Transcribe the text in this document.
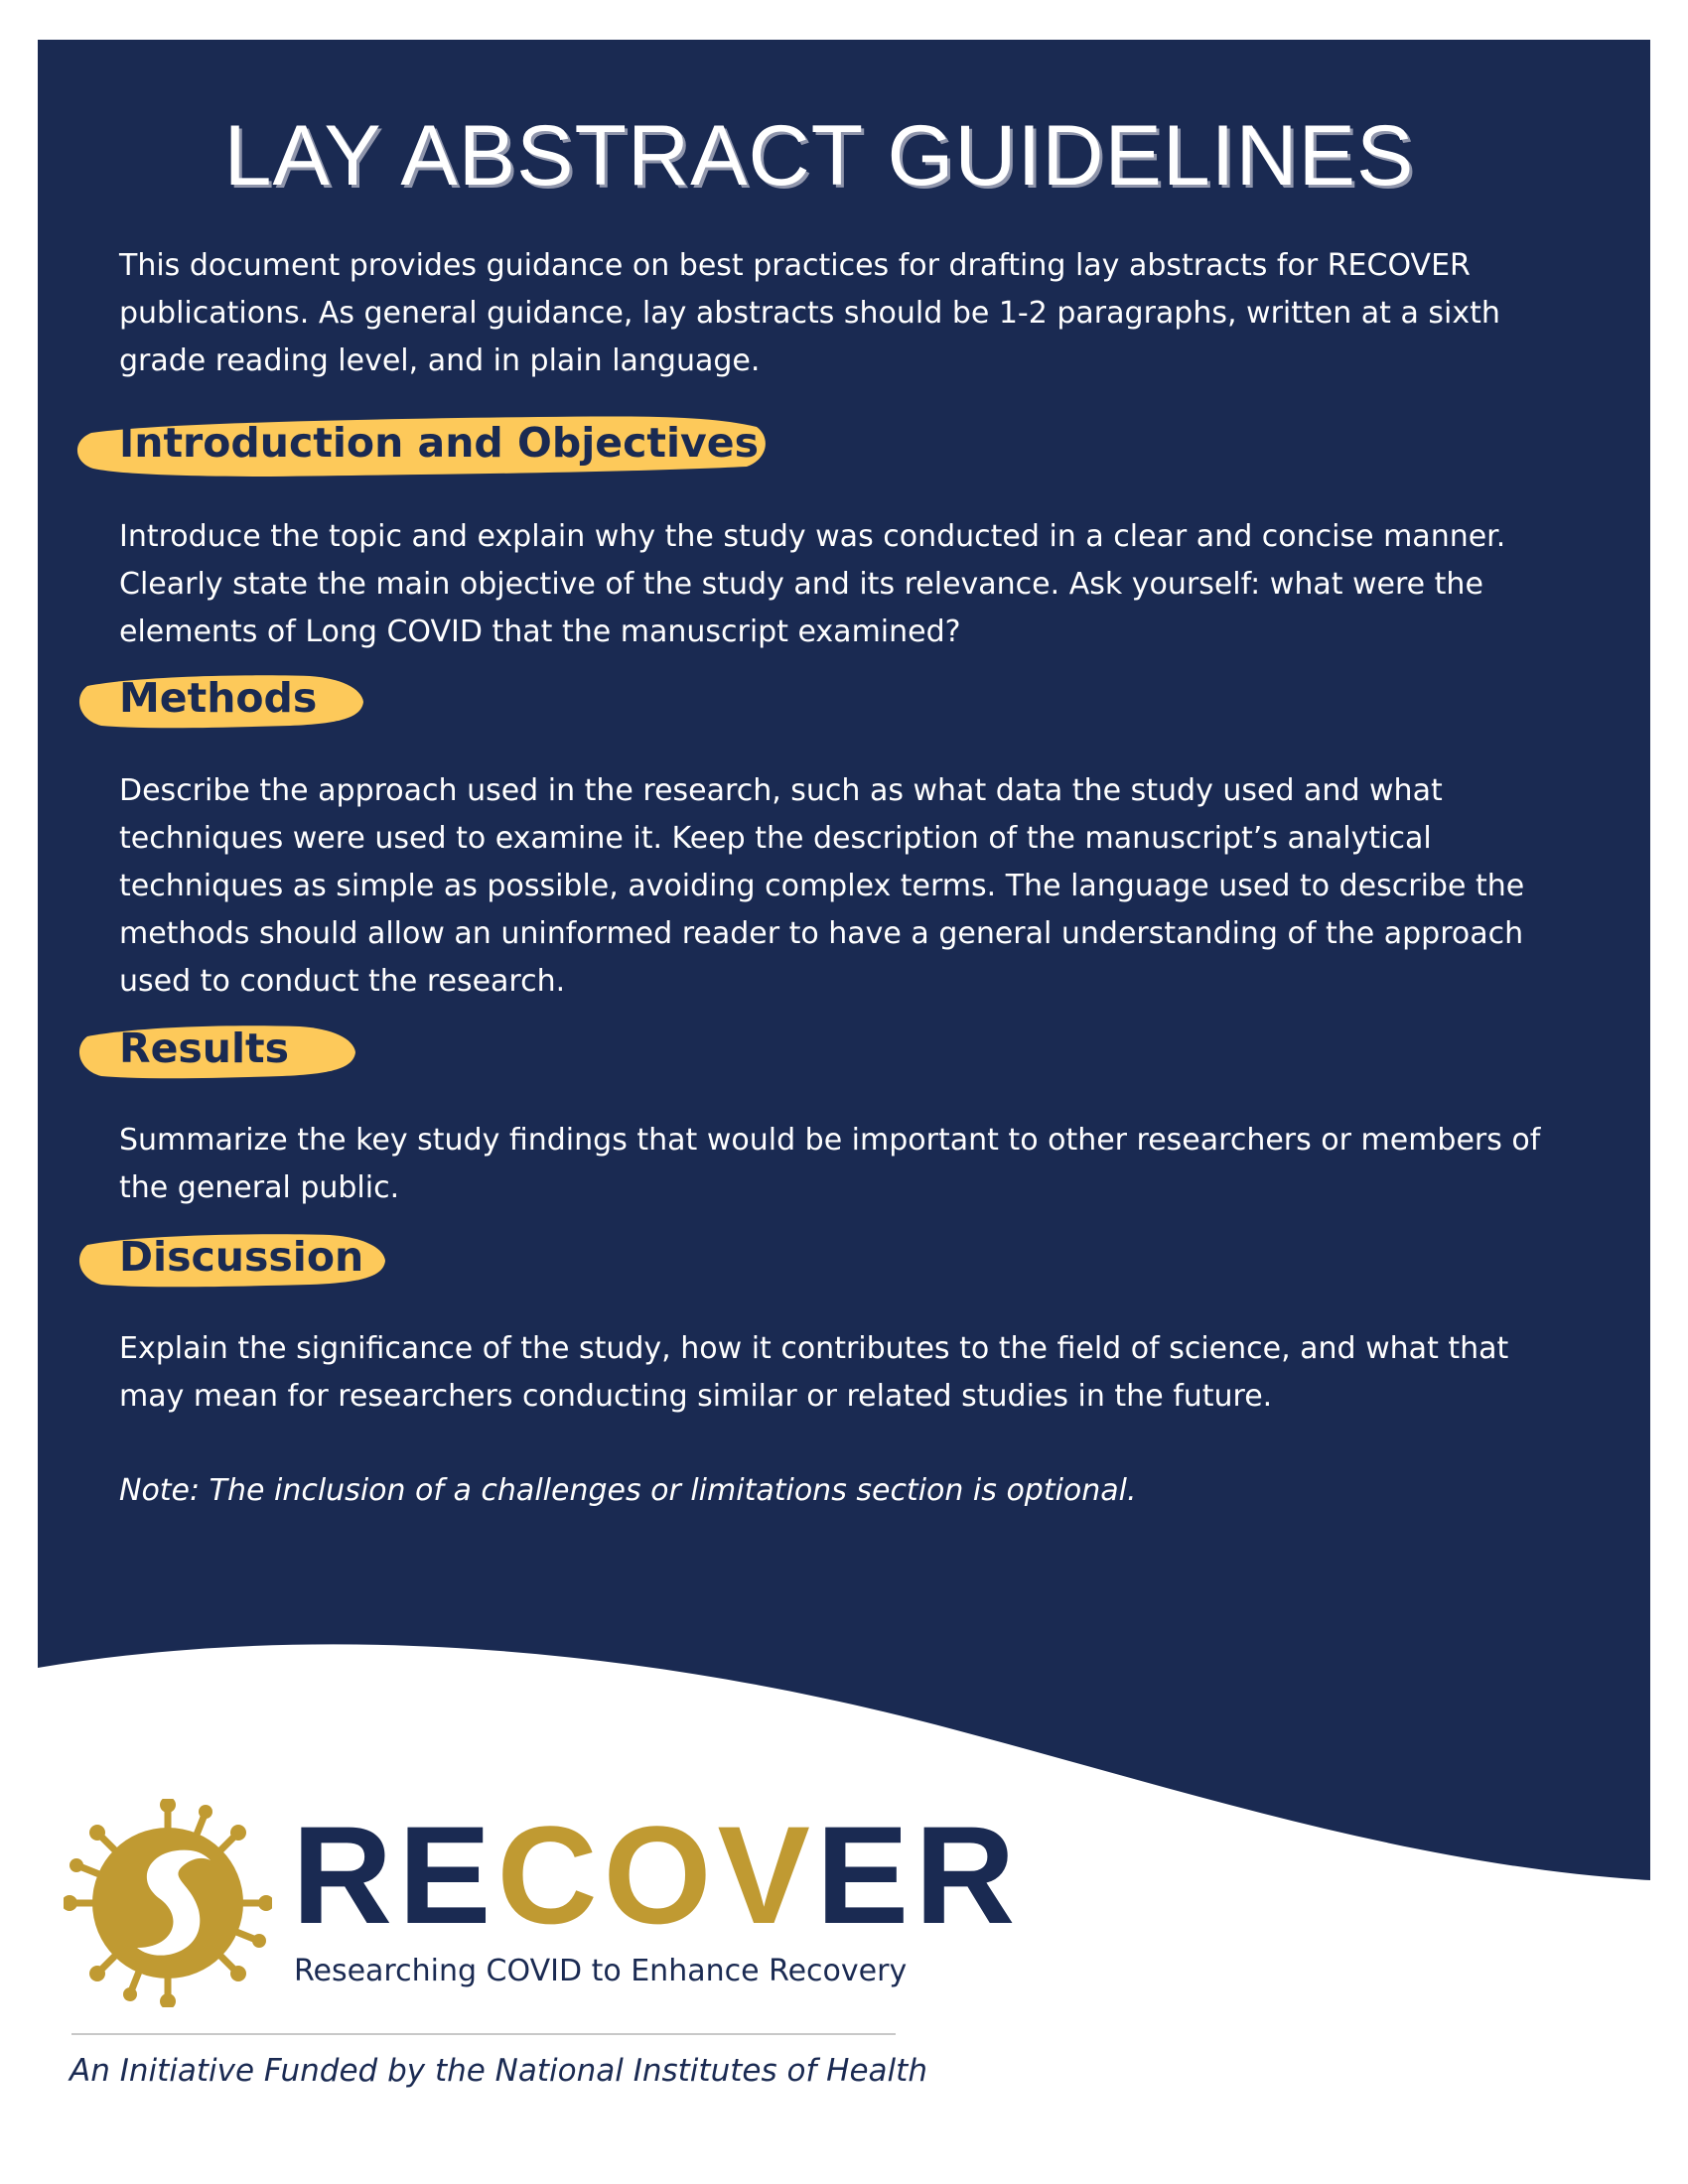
LAY ABSTRACT GUIDELINES

This document provides guidance on best practices for drafting lay abstracts for RECOVER publications. As general guidance, lay abstracts should be 1-2 paragraphs, written at a sixth grade reading level, and in plain language.

Introduction and Objectives

Introduce the topic and explain why the study was conducted in a clear and concise manner. Clearly state the main objective of the study and its relevance. Ask yourself: what were the elements of Long COVID that the manuscript examined?

Methods

Describe the approach used in the research, such as what data the study used and what techniques were used to examine it. Keep the description of the manuscript’s analytical techniques as simple as possible, avoiding complex terms. The language used to describe the methods should allow an uninformed reader to have a general understanding of the approach used to conduct the research.

Results

Summarize the key study findings that would be important to other researchers or members of the general public.

Discussion

Explain the significance of the study, how it contributes to the field of science, and what that may mean for researchers conducting similar or related studies in the future.

Note: The inclusion of a challenges or limitations section is optional.

RECOVER
Researching COVID to Enhance Recovery
An Initiative Funded by the National Institutes of Health
